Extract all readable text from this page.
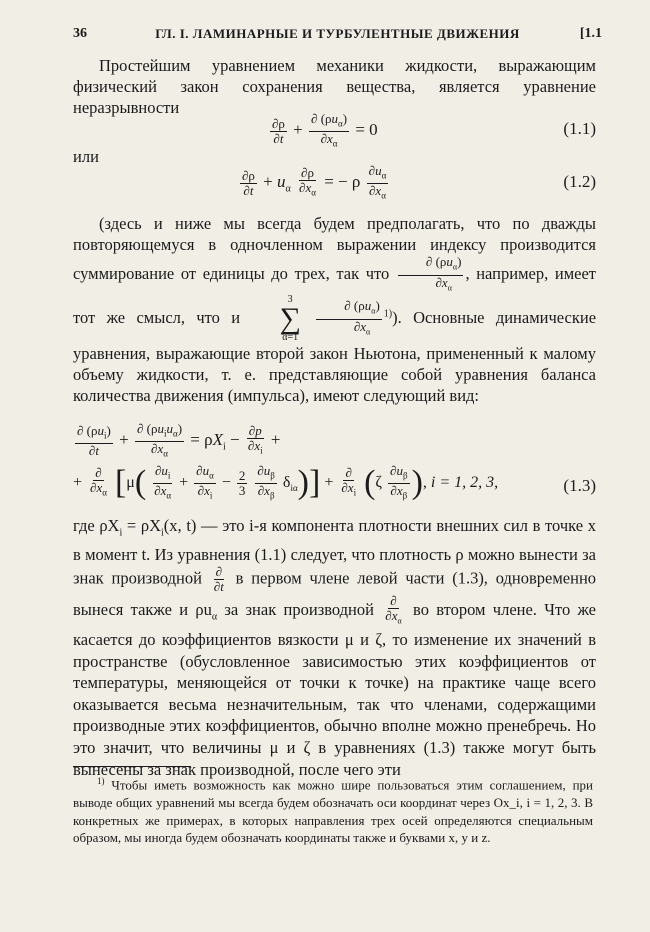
36	ГЛ. I. ЛАМИНАРНЫЕ И ТУРБУЛЕНТНЫЕ ДВИЖЕНИЯ	[1.1

Простейшим уравнением механики жидкости, выражающим физический закон сохранения вещества, является уравнение неразрывности

$\frac{\partial\rho}{\partial t} + \frac{\partial (\rho u_\alpha)}{\partial x_\alpha} = 0$	(1.1)
или
$\frac{\partial\rho}{\partial t} + u_\alpha \frac{\partial\rho}{\partial x_\alpha}$ = − ρ $\frac{\partial u_\alpha}{\partial x_\alpha}$	(1.2)
(здесь и ниже мы всегда будем предполагать, что по дважды повторяющемуся в одночленном выражении индексу производится суммирование от единицы до трех, так что $\frac{\partial (\rho u_\alpha)}{\partial x_\alpha}$ , например, имеет тот же смысл, что и
3
∑
α=1
$\frac{\partial (\rho u_\alpha)}{\partial x_\alpha} ^{1)}$). Основные динамические уравнения, выражающие второй закон Ньютона, примененный к малому объему жидкости, т. е. представляющие собой уравнения баланса количества движения (импульса), имеют следующий вид:
$\frac{\partial (\rho u_i)}{\partial t} + \frac{\partial (\rho u_iu_\alpha)}{\partial x_\alpha} = \rho X_i - \frac{\partial p}{\partial x_i}$ +
+ $\frac{\partial}{\partial x_\alpha} [\mu( \frac{\partial u_i}{\partial x_\alpha} + \frac{\partial u_\alpha}{\partial x_i} - \frac{2}{3}$
$\frac{\partial u_\beta}{\partial x_\beta} \delta_{i\alpha})] + \frac{\partial}{\partial x_i} (\zeta \frac{\partial u_\beta}{\partial x_\beta}$ ), i = 1, 2, 3,	(1.3)
где $\rho X_i = \rho X_i(x$, t) — это i-я компонента плотности внешних сил в точке x в момент t. Из уравнения (1.1) следует, что плотность ρ можно вынести за знак производной $\frac{\partial}{\partial t}$ в первом члене левой части (1.3), одновременно вынеся также и $\rho u_\alpha$ за знак производной $\frac{\partial}{\partial x_\alpha}$ во втором члене. Что же касается до коэффициентов вязкости μ и ζ, то изменение их значений в пространстве (обусловленное зависимостью этих коэффициентов от температуры, меняющейся от точки к точке) на практике чаще всего оказывается весьма незначительным, так что членами, содержащими производные этих коэффициентов, обычно вполне можно пренебречь. Но это значит, что величины μ и ζ в уравнениях (1.3) также могут быть вынесены за знак производной, после чего эти

$^{1)}$ Чтобы иметь возможность как можно шире пользоваться этим соглашением, при выводе общих уравнений мы всегда будем обозначать оси координат через Ox_i, i = 1, 2, 3. В конкретных же примерах, в которых направления трех осей определяются специальным образом, мы иногда будем обозначать координаты также и буквами x, y и z.
